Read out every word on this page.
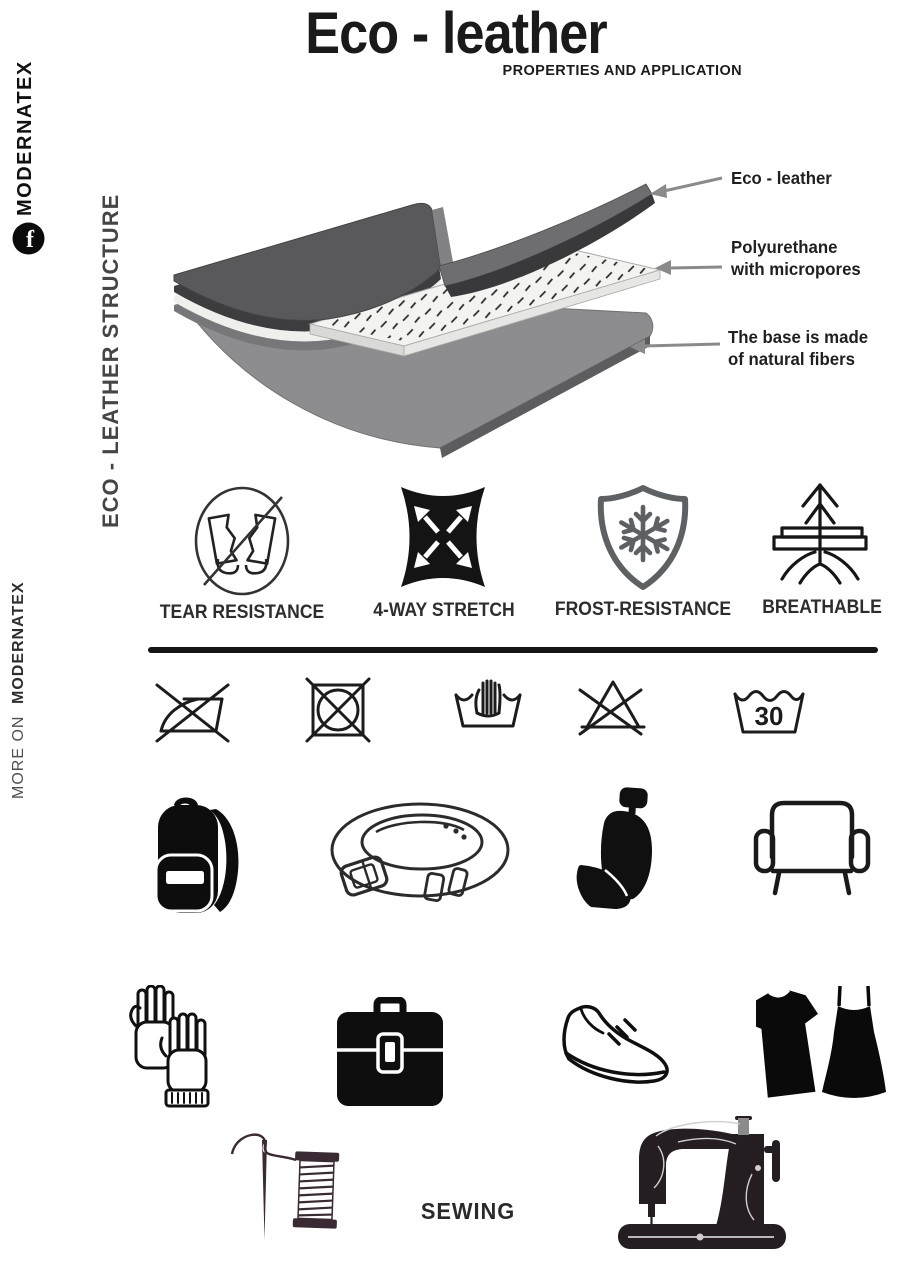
Eco - leather
PROPERTIES AND APPLICATION
MODERNATEX
f	ECO - LEATHER STRUCTURE
MORE ONMODERNATEX
Eco - leather
Polyurethane
with micropores
The base is made
of natural fibers
TEAR RESISTANCE	4-WAY STRETCH	FROST-RESISTANCE	BREATHABLE
30
SEWING
